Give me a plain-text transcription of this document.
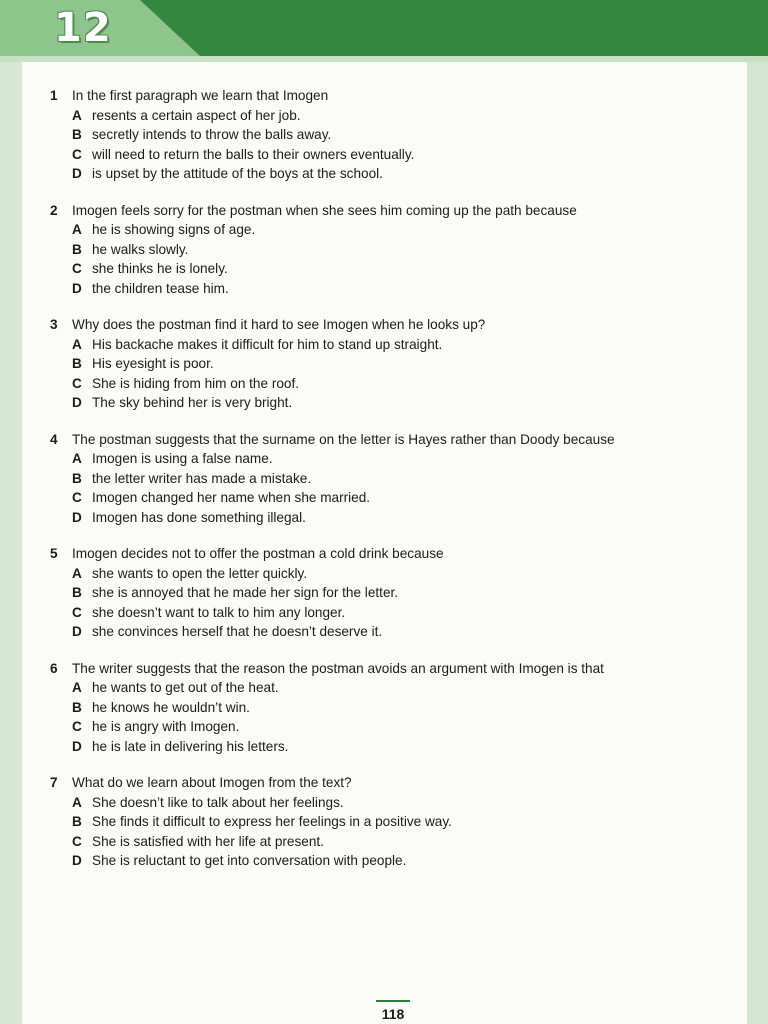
12
1	In the first paragraph we learn that Imogen
A resents a certain aspect of her job.
B secretly intends to throw the balls away.
C will need to return the balls to their owners eventually.
D is upset by the attitude of the boys at the school.
2	Imogen feels sorry for the postman when she sees him coming up the path because
A he is showing signs of age.
B he walks slowly.
C she thinks he is lonely.
D the children tease him.
3	Why does the postman find it hard to see Imogen when he looks up?
A His backache makes it difficult for him to stand up straight.
B His eyesight is poor.
C She is hiding from him on the roof.
D The sky behind her is very bright.
4	The postman suggests that the surname on the letter is Hayes rather than Doody because
A Imogen is using a false name.
B the letter writer has made a mistake.
C Imogen changed her name when she married.
D Imogen has done something illegal.
5	Imogen decides not to offer the postman a cold drink because
A she wants to open the letter quickly.
B she is annoyed that he made her sign for the letter.
C she doesn’t want to talk to him any longer.
D she convinces herself that he doesn’t deserve it.
6	The writer suggests that the reason the postman avoids an argument with Imogen is that
A he wants to get out of the heat.
B he knows he wouldn’t win.
C he is angry with Imogen.
D he is late in delivering his letters.
7	What do we learn about Imogen from the text?
A She doesn’t like to talk about her feelings.
B She finds it difficult to express her feelings in a positive way.
C She is satisfied with her life at present.
D She is reluctant to get into conversation with people.
118
